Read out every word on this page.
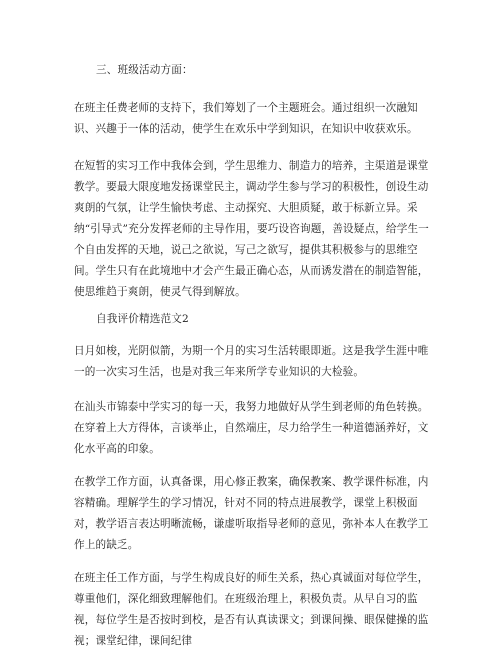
三、班级活动方面：
在班主任费老师的支持下，我们筹划了一个主题班会。通过组织一次融知识、兴趣于一体的活动，使学生在欢乐中学到知识，在知识中收获欢乐。
在短暂的实习工作中我体会到，学生思维力、制造力的培养，主渠道是课堂教学。要最大限度地发扬课堂民主，调动学生参与学习的积极性，创设生动爽朗的气氛，让学生愉快考虑、主动探究、大胆质疑，敢于标新立异。采纳“引导式”充分发挥老师的主导作用，要巧设咨询题，善设疑点，给学生一个自由发挥的天地，说己之欲说，写己之欲写，提供其积极参与的思维空间。学生只有在此境地中才会产生最正确心态，从而诱发潜在的制造智能，使思维趋于爽朗，使灵气得到解放。
自我评价精选范文2
日月如梭，光阴似箭，为期一个月的实习生活转眼即逝。这是我学生涯中唯一的一次实习生活，也是对我三年来所学专业知识的大检验。
在汕头市锦泰中学实习的每一天，我努力地做好从学生到老师的角色转换。在穿着上大方得体，言谈举止，自然端庄，尽力给学生一种道德涵养好，文化水平高的印象。
在教学工作方面，认真备课，用心修正教案，确保教案、教学课件标准，内容精确。理解学生的学习情况，针对不同的特点进展教学，课堂上积极面对，教学语言表达明晰流畅，谦虚听取指导老师的意见，弥补本人在教学工作上的缺乏。
在班主任工作方面，与学生构成良好的师生关系，热心真诚面对每位学生，尊重他们，深化细致理解他们。在班级治理上，积极负责。从早自习的监视，每位学生是否按时到校，是否有认真读课文；到课间操、眼保健操的监视；课堂纪律，课间纪律
